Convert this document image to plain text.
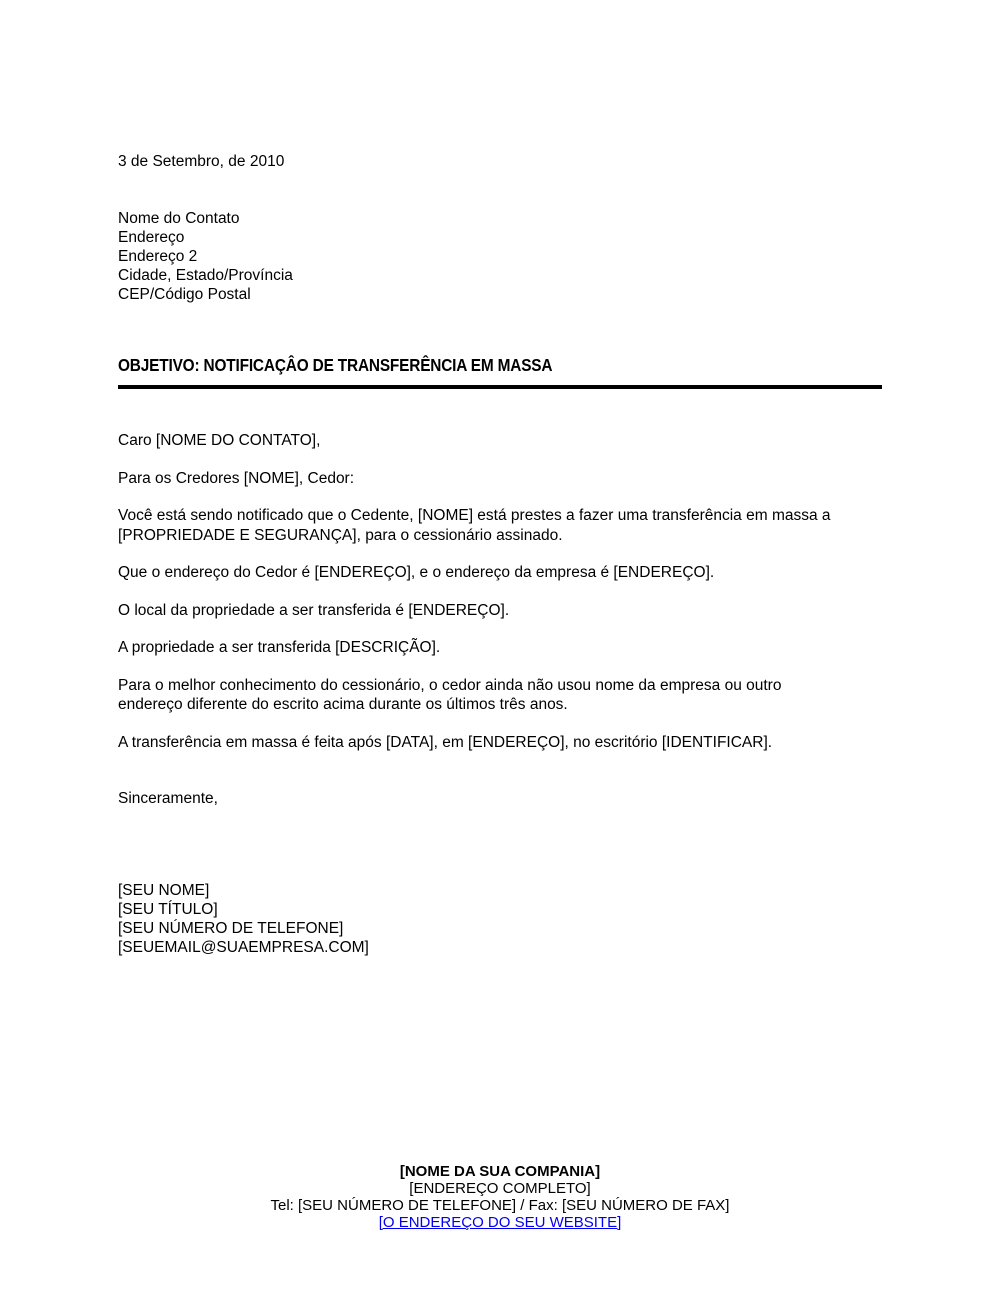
3 de Setembro, de 2010
Nome do Contato
Endereço
Endereço 2
Cidade, Estado/Província
CEP/Código Postal
OBJETIVO: NOTIFICAÇÂO DE TRANSFERÊNCIA EM MASSA
Caro [NOME DO CONTATO],
Para os Credores [NOME], Cedor:
Você está sendo notificado que o Cedente, [NOME] está prestes a fazer uma transferência em massa a
[PROPRIEDADE E SEGURANÇA], para o cessionário assinado.
Que o endereço do Cedor é [ENDEREÇO], e o endereço da empresa é [ENDEREÇO].
O local da propriedade a ser transferida é [ENDEREÇO].
A propriedade a ser transferida [DESCRIÇÃO].
Para o melhor conhecimento do cessionário, o cedor ainda não usou nome da empresa ou outro
endereço diferente do escrito acima durante os últimos três anos.
A transferência em massa é feita após [DATA], em [ENDEREÇO], no escritório [IDENTIFICAR].
Sinceramente,
[SEU NOME]
[SEU TÍTULO]
[SEU NÚMERO DE TELEFONE]
[SEUEMAIL@SUAEMPRESA.COM]
[NOME DA SUA COMPANIA]
[ENDEREÇO COMPLETO]
Tel: [SEU NÚMERO DE TELEFONE] / Fax: [SEU NÚMERO DE FAX]
[O ENDEREÇO DO SEU WEBSITE]
